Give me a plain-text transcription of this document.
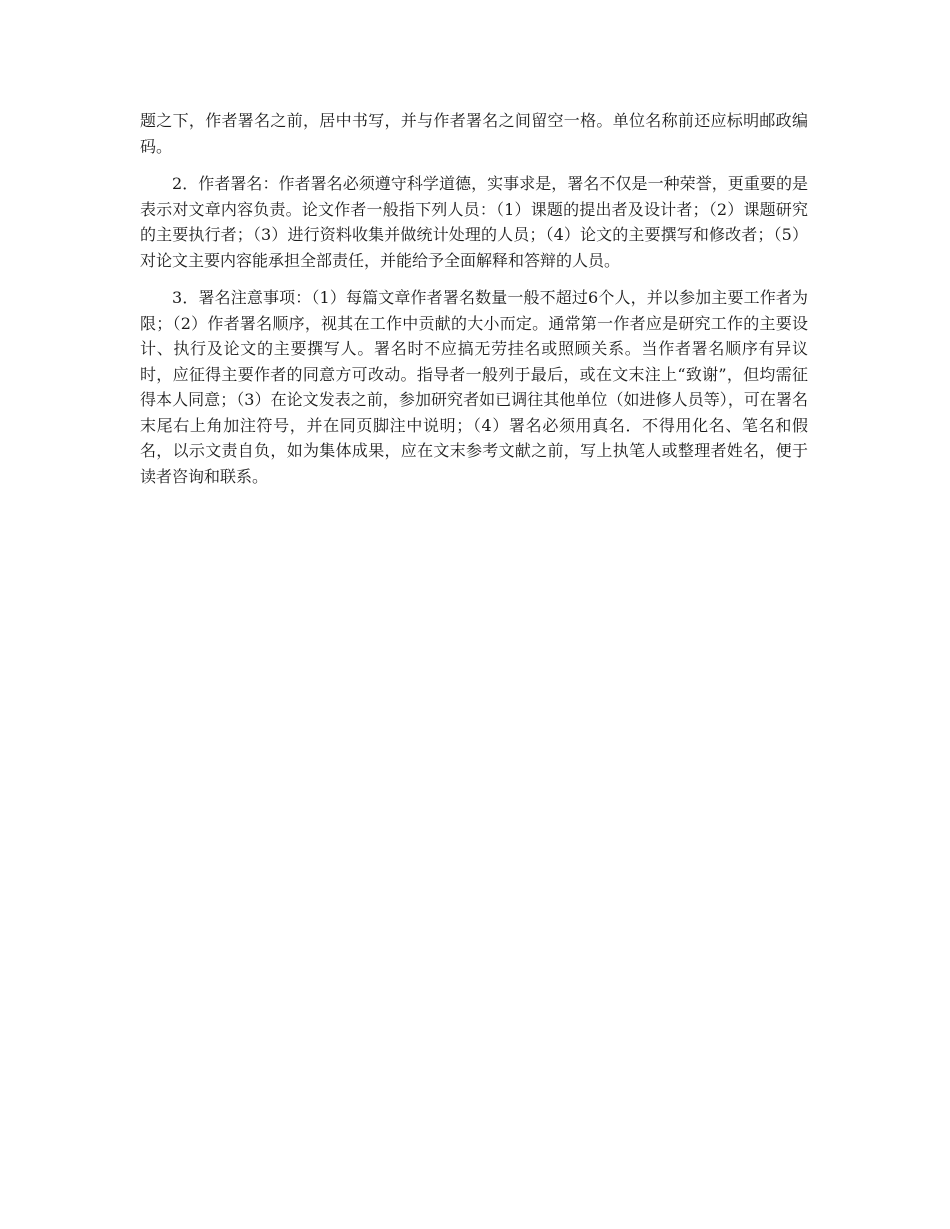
题之下，作者署名之前，居中书写，并与作者署名之间留空一格。单位名称前还应标明邮政编码。

2．作者署名：作者署名必须遵守科学道德，实事求是，署名不仅是一种荣誉，更重要的是表示对文章内容负责。论文作者一般指下列人员：（1）课题的提出者及设计者；（2）课题研究的主要执行者；（3）进行资料收集并做统计处理的人员；（4）论文的主要撰写和修改者；（5）对论文主要内容能承担全部责任，并能给予全面解释和答辩的人员。

3．署名注意事项：（1）每篇文章作者署名数量一般不超过6个人，并以参加主要工作者为限；（2）作者署名顺序，视其在工作中贡献的大小而定。通常第一作者应是研究工作的主要设计、执行及论文的主要撰写人。署名时不应搞无劳挂名或照顾关系。当作者署名顺序有异议时，应征得主要作者的同意方可改动。指导者一般列于最后，或在文末注上“致谢”，但均需征得本人同意；（3）在论文发表之前，参加研究者如已调往其他单位（如进修人员等），可在署名末尾右上角加注符号，并在同页脚注中说明；（4）署名必须用真名．不得用化名、笔名和假名，以示文责自负，如为集体成果，应在文末参考文献之前，写上执笔人或整理者姓名，便于读者咨询和联系。
